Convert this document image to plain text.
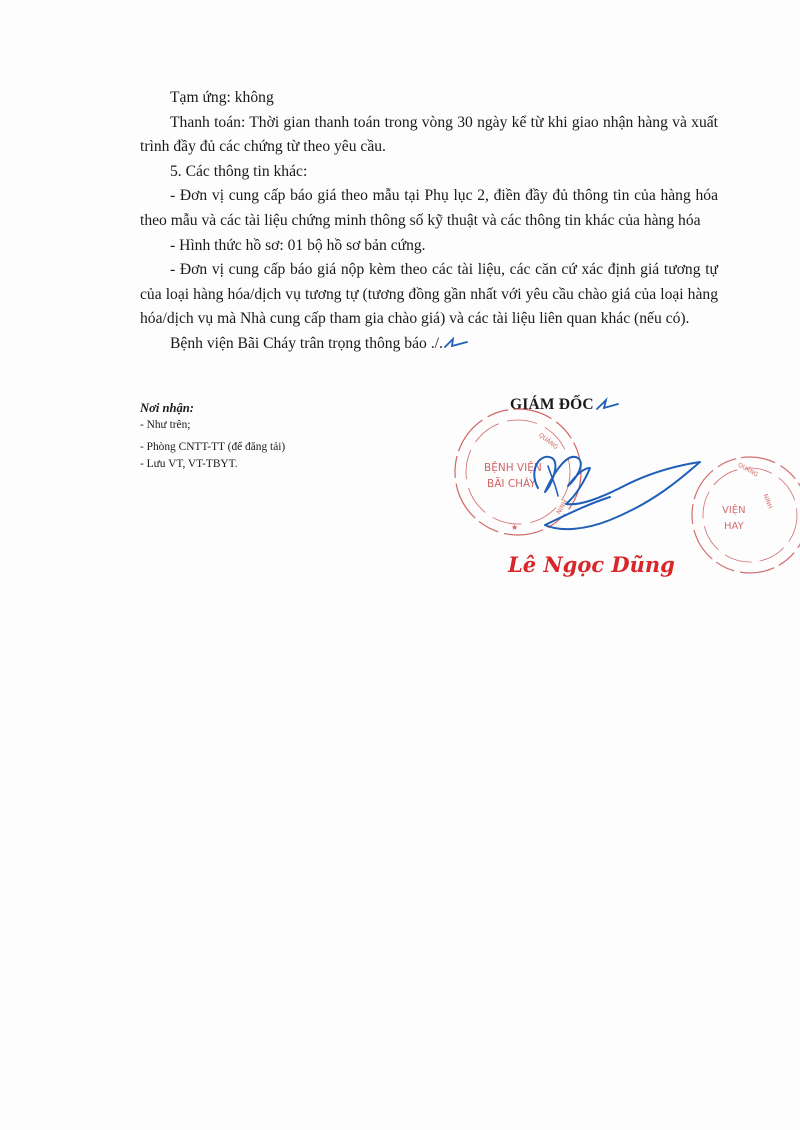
Tạm ứng: không

Thanh toán: Thời gian thanh toán trong vòng 30 ngày kể từ khi giao nhận hàng và xuất trình đầy đủ các chứng từ theo yêu cầu.

5. Các thông tin khác:

- Đơn vị cung cấp báo giá theo mẫu tại Phụ lục 2, điền đầy đủ thông tin của hàng hóa theo mẫu và các tài liệu chứng minh thông số kỹ thuật và các thông tin khác của hàng hóa

- Hình thức hồ sơ: 01 bộ hồ sơ bản cứng.

- Đơn vị cung cấp báo giá nộp kèm theo các tài liệu, các căn cứ xác định giá tương tự của loại hàng hóa/dịch vụ tương tự (tương đồng gần nhất với yêu cầu chào giá của loại hàng hóa/dịch vụ mà Nhà cung cấp tham gia chào giá) và các tài liệu liên quan khác (nếu có).

Bệnh viện Bãi Cháy trân trọng thông báo ./.

Nơi nhận:
- Như trên;
- Phòng CNTT-TT (để đăng tải)
- Lưu VT, VT-TBYT.
GIÁM ĐỐC
BỆNH VIỆN
BÃI CHÁY
QUẢNG
NINH
★
VIỆN
HAY
QUẢNG
NINH
Lê Ngọc Dũng
